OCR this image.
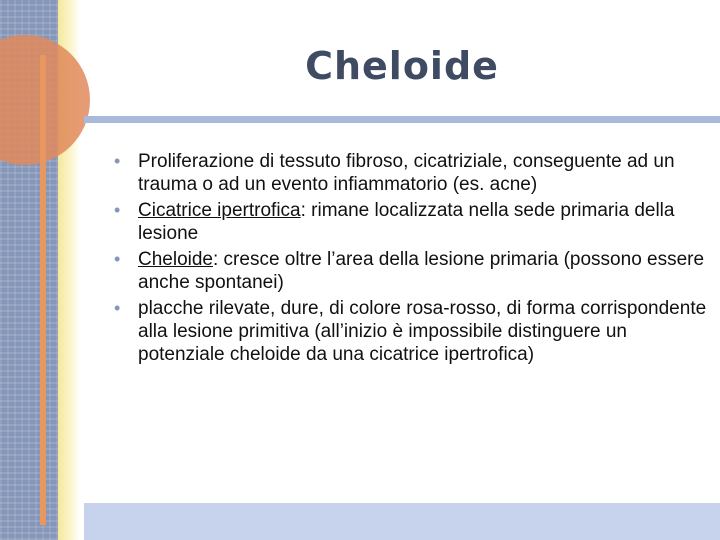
Cheloide
• Proliferazione di tessuto fibroso, cicatriziale, conseguente ad un trauma o ad un evento infiammatorio (es. acne)
• Cicatrice ipertrofica: rimane localizzata nella sede primaria della lesione
• Cheloide: cresce oltre l’area della lesione primaria (possono essere anche spontanei)
• placche rilevate, dure, di colore rosa-rosso, di forma corrispondente alla lesione primitiva (all’inizio è impossibile distinguere un potenziale cheloide da una cicatrice ipertrofica)
